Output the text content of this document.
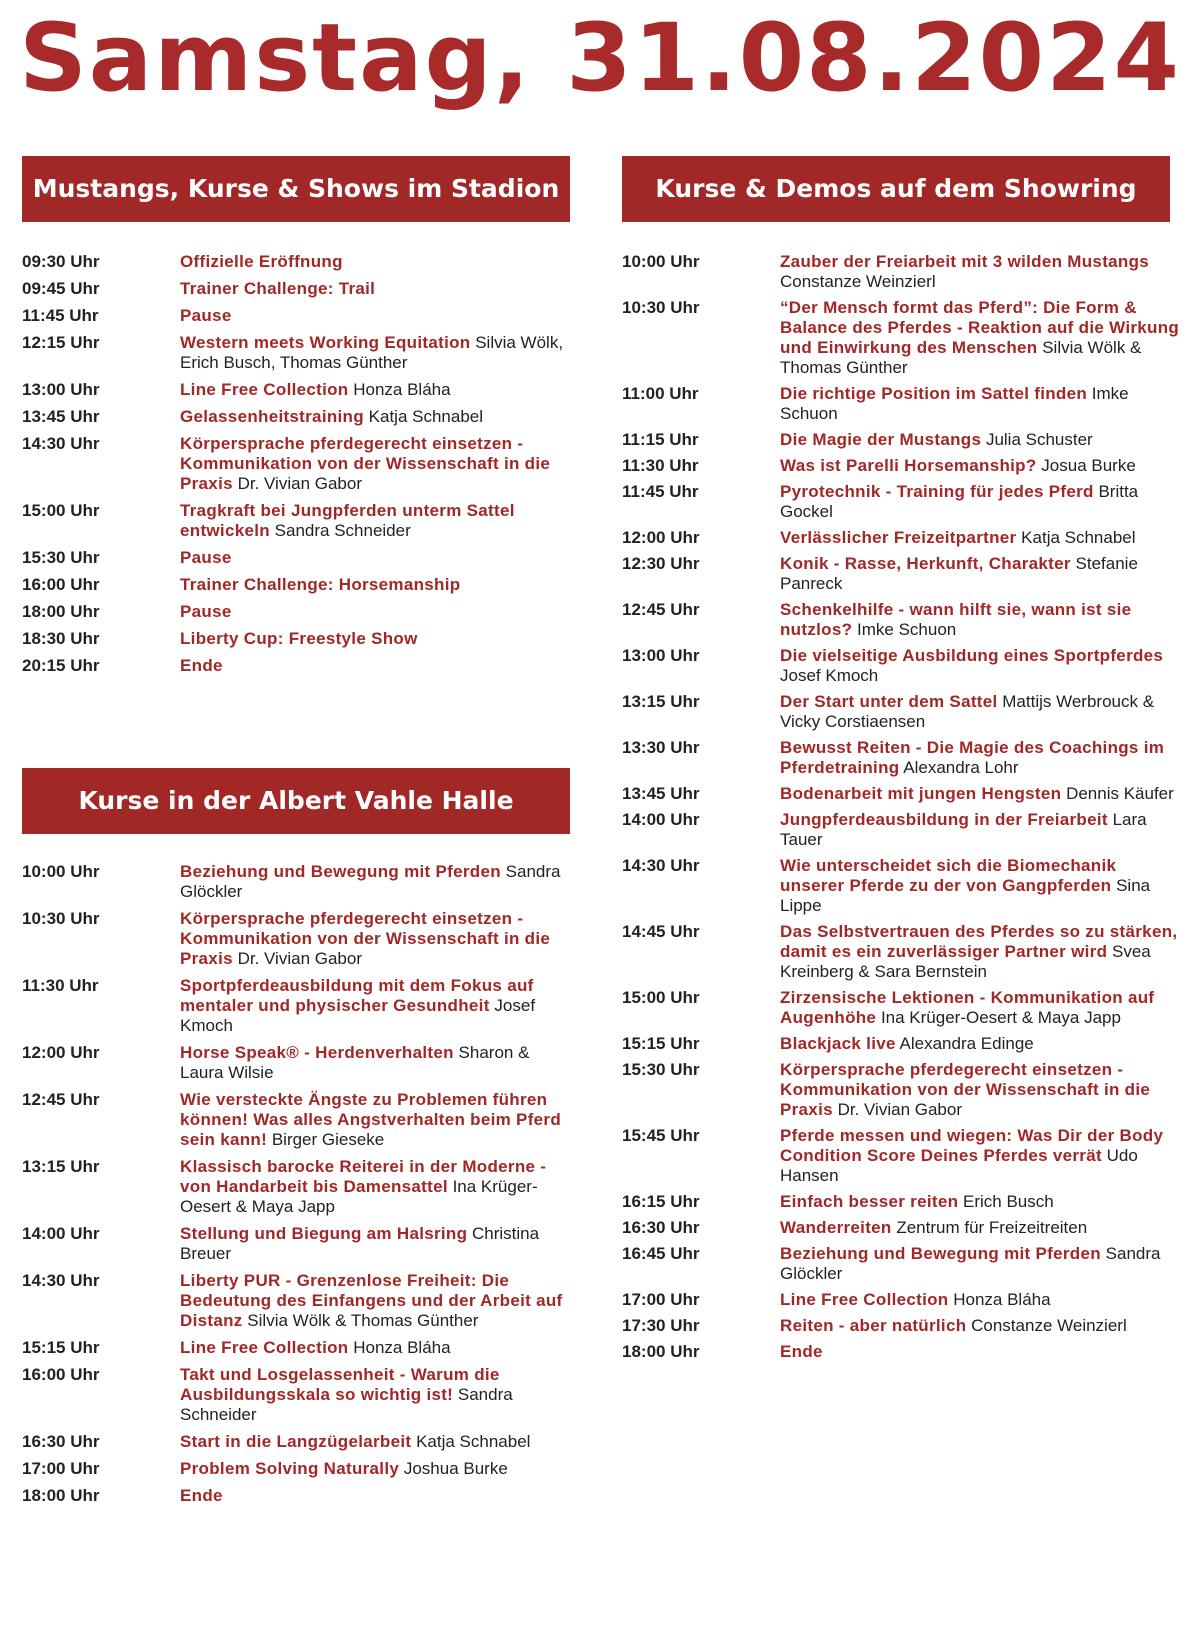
Samstag, 31.08.2024
Mustangs, Kurse & Shows im Stadion
09:30 Uhr	Offizielle Eröffnung
09:45 Uhr	Trainer Challenge: Trail
11:45 Uhr	Pause
12:15 Uhr	Western meets Working Equitation Silvia Wölk, Erich Busch, Thomas Günther
13:00 Uhr	Line Free Collection Honza Bláha
13:45 Uhr	Gelassenheitstraining Katja Schnabel
14:30 Uhr	Körpersprache pferdegerecht einsetzen - Kommunikation von der Wissenschaft in die Praxis Dr. Vivian Gabor
15:00 Uhr	Tragkraft bei Jungpferden unterm Sattel entwickeln Sandra Schneider
15:30 Uhr	Pause
16:00 Uhr	Trainer Challenge: Horsemanship
18:00 Uhr	Pause
18:30 Uhr	Liberty Cup: Freestyle Show
20:15 Uhr	Ende
Kurse in der Albert Vahle Halle
10:00 Uhr	Beziehung und Bewegung mit Pferden Sandra Glöckler
10:30 Uhr	Körpersprache pferdegerecht einsetzen - Kommunikation von der Wissenschaft in die Praxis Dr. Vivian Gabor
11:30 Uhr	Sportpferdeausbildung mit dem Fokus auf mentaler und physischer Gesundheit Josef Kmoch
12:00 Uhr	Horse Speak® - Herdenverhalten Sharon & Laura Wilsie
12:45 Uhr	Wie versteckte Ängste zu Problemen führen können! Was alles Angstverhalten beim Pferd sein kann! Birger Gieseke
13:15 Uhr	Klassisch barocke Reiterei in der Moderne - von Handarbeit bis Damensattel Ina Krüger-Oesert & Maya Japp
14:00 Uhr	Stellung und Biegung am Halsring Christina Breuer
14:30 Uhr	Liberty PUR - Grenzenlose Freiheit: Die Bedeutung des Einfangens und der Arbeit auf Distanz Silvia Wölk & Thomas Günther
15:15 Uhr	Line Free Collection Honza Bláha
16:00 Uhr	Takt und Losgelassenheit - Warum die Ausbildungsskala so wichtig ist! Sandra Schneider
16:30 Uhr	Start in die Langzügelarbeit Katja Schnabel
17:00 Uhr	Problem Solving Naturally Joshua Burke
18:00 Uhr	Ende
Kurse & Demos auf dem Showring
10:00 Uhr	Zauber der Freiarbeit mit 3 wilden Mustangs Constanze Weinzierl
10:30 Uhr	“Der Mensch formt das Pferd”: Die Form & Balance des Pferdes - Reaktion auf die Wirkung und Einwirkung des Menschen Silvia Wölk & Thomas Günther
11:00 Uhr	Die richtige Position im Sattel finden Imke Schuon
11:15 Uhr	Die Magie der Mustangs Julia Schuster
11:30 Uhr	Was ist Parelli Horsemanship? Josua Burke
11:45 Uhr	Pyrotechnik - Training für jedes Pferd Britta Gockel
12:00 Uhr	Verlässlicher Freizeitpartner Katja Schnabel
12:30 Uhr	Konik - Rasse, Herkunft, Charakter Stefanie Panreck
12:45 Uhr	Schenkelhilfe - wann hilft sie, wann ist sie nutzlos? Imke Schuon
13:00 Uhr	Die vielseitige Ausbildung eines Sportpferdes Josef Kmoch
13:15 Uhr	Der Start unter dem Sattel Mattijs Werbrouck & Vicky Corstiaensen
13:30 Uhr	Bewusst Reiten - Die Magie des Coachings im Pferdetraining Alexandra Lohr
13:45 Uhr	Bodenarbeit mit jungen Hengsten Dennis Käufer
14:00 Uhr	Jungpferdeausbildung in der Freiarbeit Lara Tauer
14:30 Uhr	Wie unterscheidet sich die Biomechanik unserer Pferde zu der von Gangpferden Sina Lippe
14:45 Uhr	Das Selbstvertrauen des Pferdes so zu stärken, damit es ein zuverlässiger Partner wird Svea Kreinberg & Sara Bernstein
15:00 Uhr	Zirzensische Lektionen - Kommunikation auf Augenhöhe Ina Krüger-Oesert & Maya Japp
15:15 Uhr	Blackjack live Alexandra Edinge
15:30 Uhr	Körpersprache pferdegerecht einsetzen - Kommunikation von der Wissenschaft in die Praxis Dr. Vivian Gabor
15:45 Uhr	Pferde messen und wiegen: Was Dir der Body Condition Score Deines Pferdes verrät Udo Hansen
16:15 Uhr	Einfach besser reiten Erich Busch
16:30 Uhr	Wanderreiten Zentrum für Freizeitreiten
16:45 Uhr	Beziehung und Bewegung mit Pferden Sandra Glöckler
17:00 Uhr	Line Free Collection Honza Bláha
17:30 Uhr	Reiten - aber natürlich Constanze Weinzierl
18:00 Uhr	Ende
